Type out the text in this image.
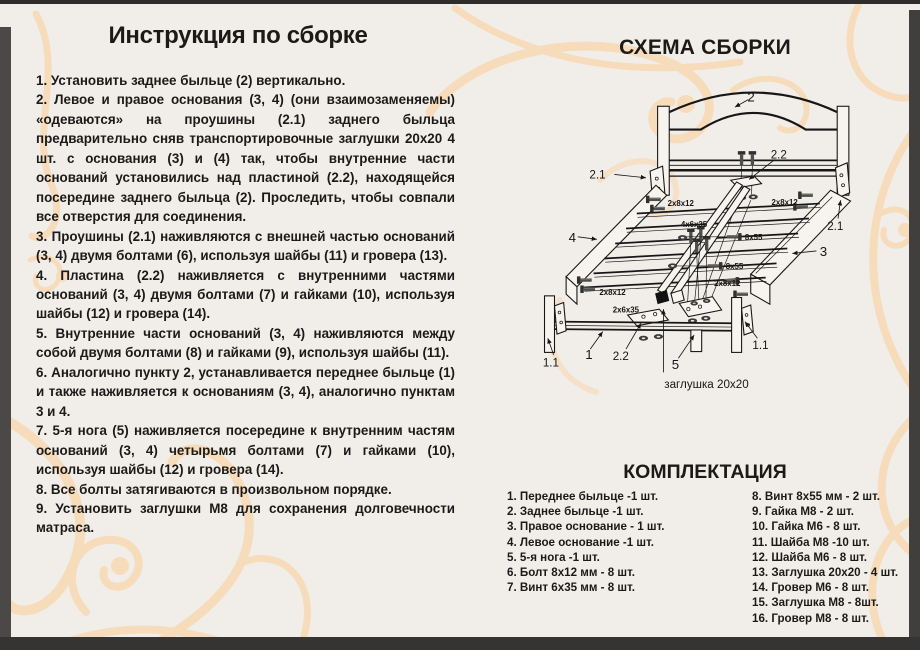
Инструкция по сборке

1. Установить заднее быльце (2) вертикально.

2. Левое и правое основания (3, 4) (они взаимозаменяемы) «одеваются» на проушины (2.1) заднего быльца предварительно сняв транспортировочные заглушки 20х20 4 шт. с основания (3) и (4) так, чтобы внутренние части оснований установились над пластиной (2.2), находящейся посередине заднего быльца (2). Проследить, чтобы совпали все отверстия для соединения.

3. Проушины (2.1) наживляются с внешней частью оснований (3, 4) двумя болтами (6), используя шайбы (11) и гровера (13).

4. Пластина (2.2) наживляется с внутренними частями оснований (3, 4) двумя болтами (7) и гайками (10), используя шайбы (12) и гровера (14).

5. Внутренние части оснований (3, 4) наживляются между собой двумя болтами (8) и гайками (9), используя шайбы (11).

6. Аналогично пункту 2, устанавливается переднее быльце (1) и также наживляется к основаниям (3, 4), аналогично пунктам 3 и 4.

7. 5-я нога (5) наживляется посередине к внутренним частям оснований (3, 4) четырьмя болтами (7) и гайками (10), используя шайбы (12) и гровера (14).

8. Все болты затягиваются в произвольном порядке.

9. Установить заглушки М8 для сохранения долговечности матраса.

СХЕМА СБОРКИ
КОМПЛЕКТАЦИЯ
1. Переднее быльце -1 шт.
2. Заднее быльце -1 шт.
3. Правое основание - 1 шт.
4. Левое основание -1 шт.
5. 5-я нога -1 шт.
6. Болт 8х12 мм - 8 шт.
7. Винт 6х35 мм - 8 шт.
8. Винт 8х55 мм - 2 шт.
9. Гайка М8 - 2 шт.
10. Гайка М6 - 8 шт.
11. Шайба М8 -10 шт.
12. Шайба М6 - 8 шт.
13. Заглушка 20х20 - 4 шт.
14. Гровер М6 - 8 шт.
15. Заглушка М8 - 8шт.
16. Гровер М8 - 8 шт.
2
2.2
2.1
2.1
4
3
1
1.1
1.1
2.2
5
заглушка 20х20
2х8х12	2х8х12
2х8х12
2х8х12
4х6х35
8х55
8х55
2х6х35
